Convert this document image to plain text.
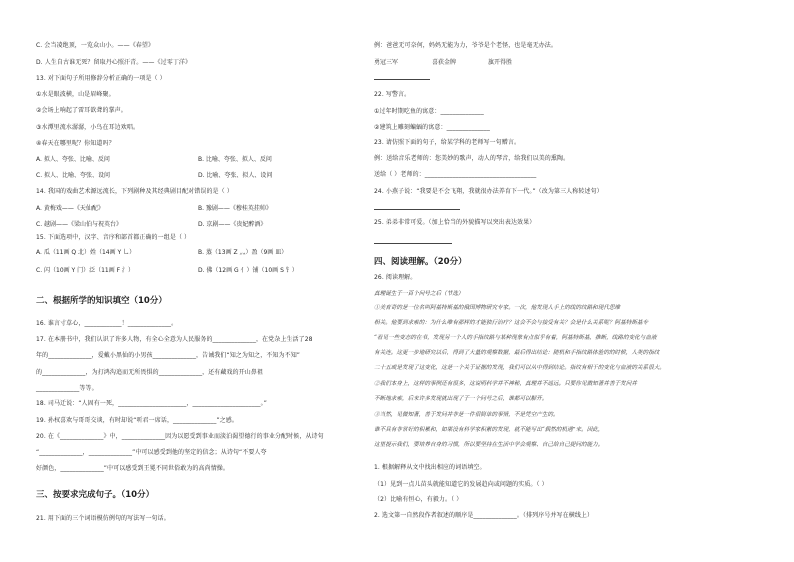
C. 会当凌绝顶，一览众山小。——《春望》
D. 人生自古谁无死？留取丹心照汗青。——《过零丁洋》
13. 对下面句子所用修辞分析正确的一项是（ ）
①水是眼波横，山是眉峰聚。
②会场上响起了雷耳欲聋的掌声。
③水潭里流水潺潺，小鸟在耳边欢唱。
④春天在哪里呢？你知道吗？
A. 拟人、夸张、比喻、反问	B. 比喻、夸张、拟人、反问
C. 拟人、比喻、夸张、设问	D. 比喻、夸张、拟人、设问
14. 我国的戏曲艺术源远流长，下列剧种及其经典剧目配对错误的是（ ）
A. 黄梅戏——《天仙配》	B. 豫剧——《穆桂英挂帅》
C. 越剧——《梁山伯与祝英台》	D. 京剧——《贵妃醉酒》
15. 下面选项中，汉字、音序和部首都正确的一组是（ ）
A. 瓜（11画 Q 北）姓（14画 Y 乚）	B. 蒸（13画 Z 灬）盈（9画 皿）
C. 闪（10画 Y 门）泛（11画 F 氵）	D. 佛（12画 G 亻）铺（10画 S 钅）
二、根据所学的知识填空（10分）
16. 谁言寸草心，____________！______________。
17. 在本册书中，我们认识了许多人物，有全心全意为人民服务的______________，在党杂上生活了28
年的______________，爱戴小黑仙的小男孩______________，告诫我们“知之为知之，不知为不知”
的______________，为打鸿沟追而无所畏惧的______________，还有藏戏的开山鼻祖
______________等等。
18. 司马迁说：“人固有一死，______________________，______________________。”
19. 孙权喜欢与哥哥交谈，有时却说“听君一席话，______________”之感。
20. 在《______________》中，______________因为以愿受到事业而淡泊渴望德行的事业分配时候，从诗句
“______________，______________”中可以感受到他的坚定的信念；从诗句“不要人夸
好颜色，______________”中可以感受到王冕不同世俗敢为的高尚情操。
三、按要求完成句子。（10分）
21. 用下面的三个词语模仿例句的写法写一句话。
例：爸爸无可奈何，妈妈无能为力，爷爷是个老怪，也是毫无办法。
勇冠三军	喜获金牌	旗开得胜
22. 写警言。
①过年时期吃鱼的寓意：______________
②建筑上雕刻蝙蝠的寓意：______________
23. 请仿照下面的句子，给某学科的老师写一句赠言。
例：送给音乐老师的：您美妙的歌声，动人的琴音，给我们以美的熏陶。
送给（ ）老师的：____________________________________
24. 小燕子说：“我要是不会飞翔，我就很办法养育下一代。”（改为第三人称转述句）
25. 弟弟非常可爱。（加上恰当的外貌描写以突出表达效果）
四、阅读理解。（20分）
26. 阅读理解。
真理诞生于一百个问号之后（节选）
①美育奇的是一位名叫阿基特斯基的俄国博物研究专家。一次，他发现人手上的线的纹路和现代思维
相关。他要到求索的：为什么唯有那样的才能独行治疗？这会不会与接受有关？会是什么关系呢？阿基特斯基专
“看见一些变态的在书，发现另一个人的手指纹路与某种现象有点似乎有着，阿基特斯基，推断，线路的变化与血液
有关连。这更一步地研究以后，得到了大量的观察数据，最后得出结论：随机和手指纹路体验的的时候，人类的指纹
二十五或是发现了这变化，这是一个关于证据的发现，我们可以从中得到结论。指纹有相干的变化与血液的关系很大。
②我们本身上，这样的事例还有很多，这说明科学并不神秘，真理并不遥远。只要你见微知著并善于发问并
不断地求索，后来许多发现就出现了于一个问号之后，谁都可以解开。
③当然，见微知著，善于发问并非是一件很简单的事情，不是凭空产生的。
谁不具有非常好的积累和，如果没有科学家积累的发现，就不能写出“偶然的机遇”来。因此，
这里提示我们，要培养自身的习惯，所以要坚持在生活中学会观察、自己给自己提问的能力。
1. 根据解释从文中找出相应的词语填空。
（1）见到一点儿苗头就能知道它的发展趋向或问题的实质。（ ）
（2）比喻有恒心，有毅力。（ ）
2. 选文第一自然段作者叙述的顺序是______________。（排列序号并写在横线上）
